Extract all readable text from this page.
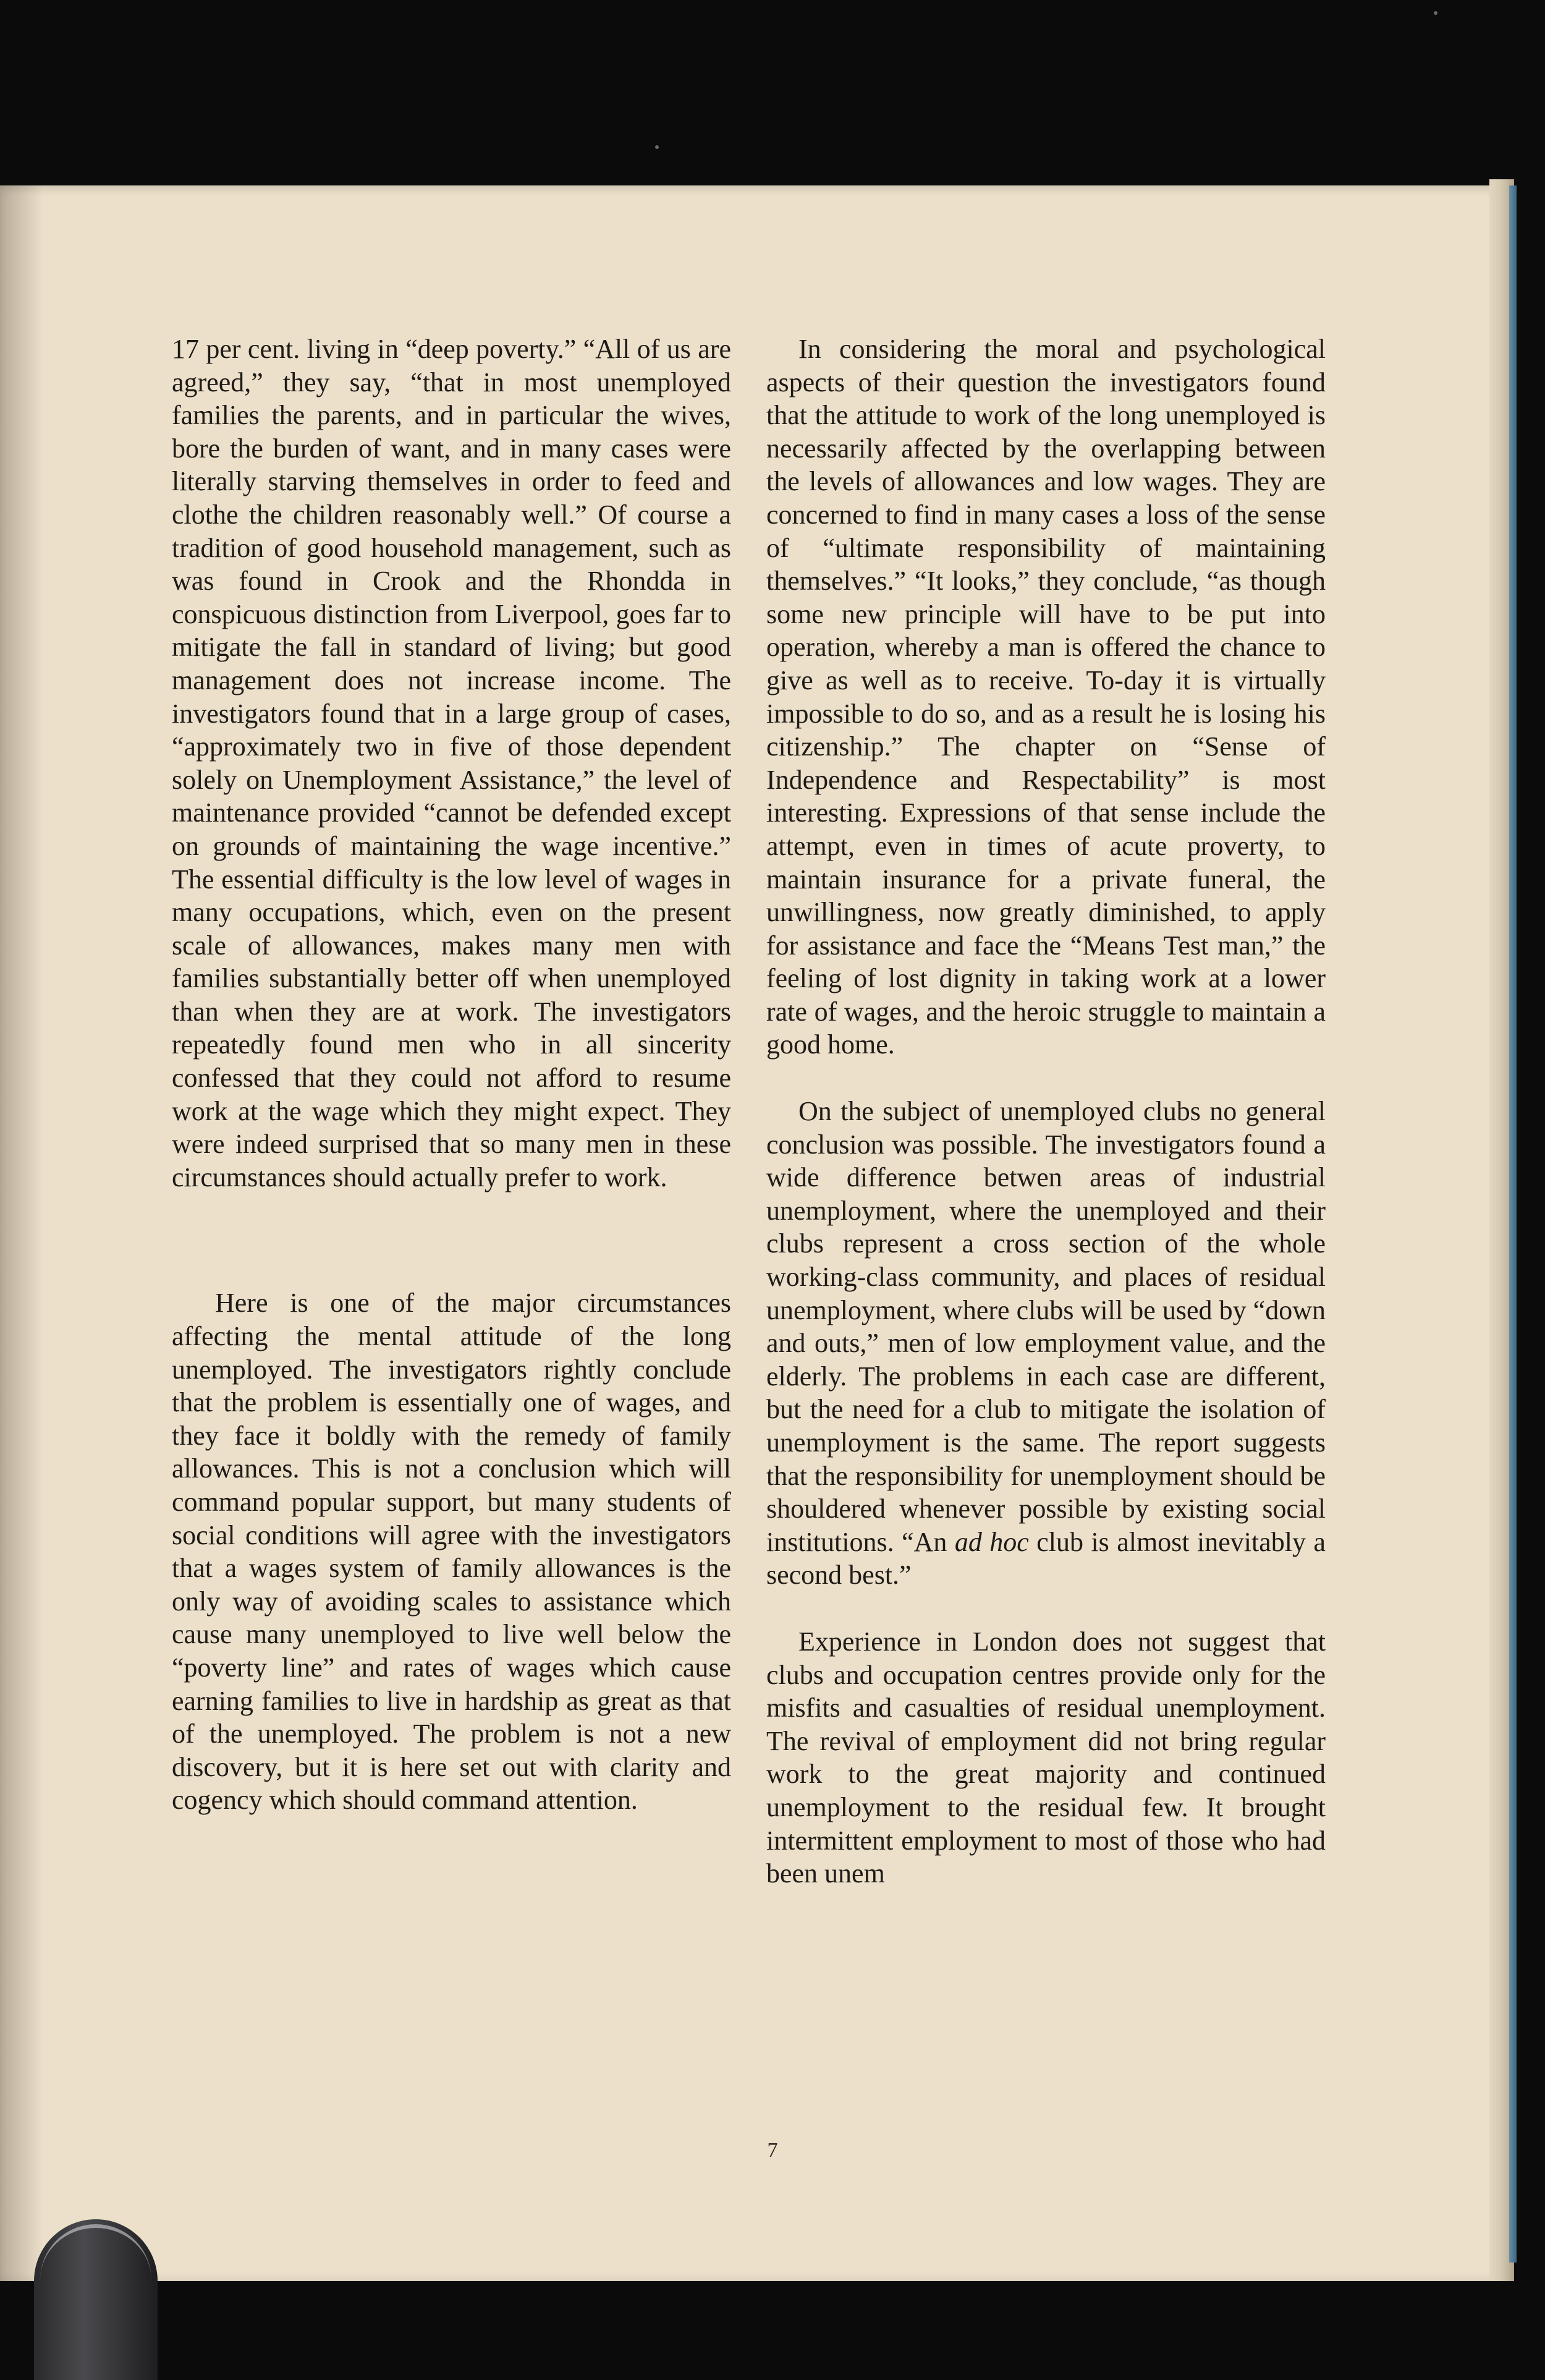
17 per cent. living in “deep poverty.” “All of us are agreed,” they say, “that in most unemployed families the parents, and in particular the wives, bore the burden of want, and in many cases were literally starving themselves in order to feed and clothe the children reasonably well.” Of course a tradition of good household management, such as was found in Crook and the Rhondda in conspicuous distinction from Liverpool, goes far to mitigate the fall in standard of living; but good management does not increase income. The investigators found that in a large group of cases, “approximately two in five of those dependent solely on Unemployment Assistance,” the level of maintenance provided “cannot be defended except on grounds of maintaining the wage incentive.” The essential difficulty is the low level of wages in many occupations, which, even on the present scale of allowances, makes many men with families substantially better off when unemployed than when they are at work. The investigators repeatedly found men who in all sincerity confessed that they could not afford to resume work at the wage which they might expect. They were indeed surprised that so many men in these circumstances should actually prefer to work.

Here is one of the major circumstances affecting the mental attitude of the long unemployed. The investigators rightly conclude that the problem is essentially one of wages, and they face it boldly with the remedy of family allowances. This is not a conclusion which will command popular support, but many students of social conditions will agree with the investigators that a wages system of family allowances is the only way of avoiding scales to assistance which cause many unemployed to live well below the “poverty line” and rates of wages which cause earning families to live in hardship as great as that of the unemployed. The problem is not a new discovery, but it is here set out with clarity and cogency which should command attention.

In considering the moral and psychological aspects of their question the investigators found that the attitude to work of the long unemployed is necessarily affected by the overlapping between the levels of allowances and low wages. They are concerned to find in many cases a loss of the sense of “ultimate responsibility of maintaining themselves.” “It looks,” they conclude, “as though some new principle will have to be put into operation, whereby a man is offered the chance to give as well as to receive. To-day it is virtually impossible to do so, and as a result he is losing his citizenship.” The chapter on “Sense of Independence and Respectability” is most interesting. Expressions of that sense include the attempt, even in times of acute proverty, to maintain insurance for a private funeral, the unwillingness, now greatly diminished, to apply for assistance and face the “Means Test man,” the feeling of lost dignity in taking work at a lower rate of wages, and the heroic struggle to maintain a good home.

On the subject of unemployed clubs no general conclusion was possible. The investigators found a wide difference betwen areas of industrial unemployment, where the unemployed and their clubs represent a cross section of the whole working-class community, and places of residual unemployment, where clubs will be used by “down and outs,” men of low employment value, and the elderly. The problems in each case are different, but the need for a club to mitigate the isolation of unemployment is the same. The report suggests that the responsibility for unemployment should be shouldered whenever possible by existing social institutions. “An ad hoc club is almost inevitably a second best.”

Experience in London does not suggest that clubs and occupation centres provide only for the misfits and casualties of residual unemployment. The revival of employment did not bring regular work to the great majority and continued unemployment to the residual few. It brought intermittent employment to most of those who had been unem

7
